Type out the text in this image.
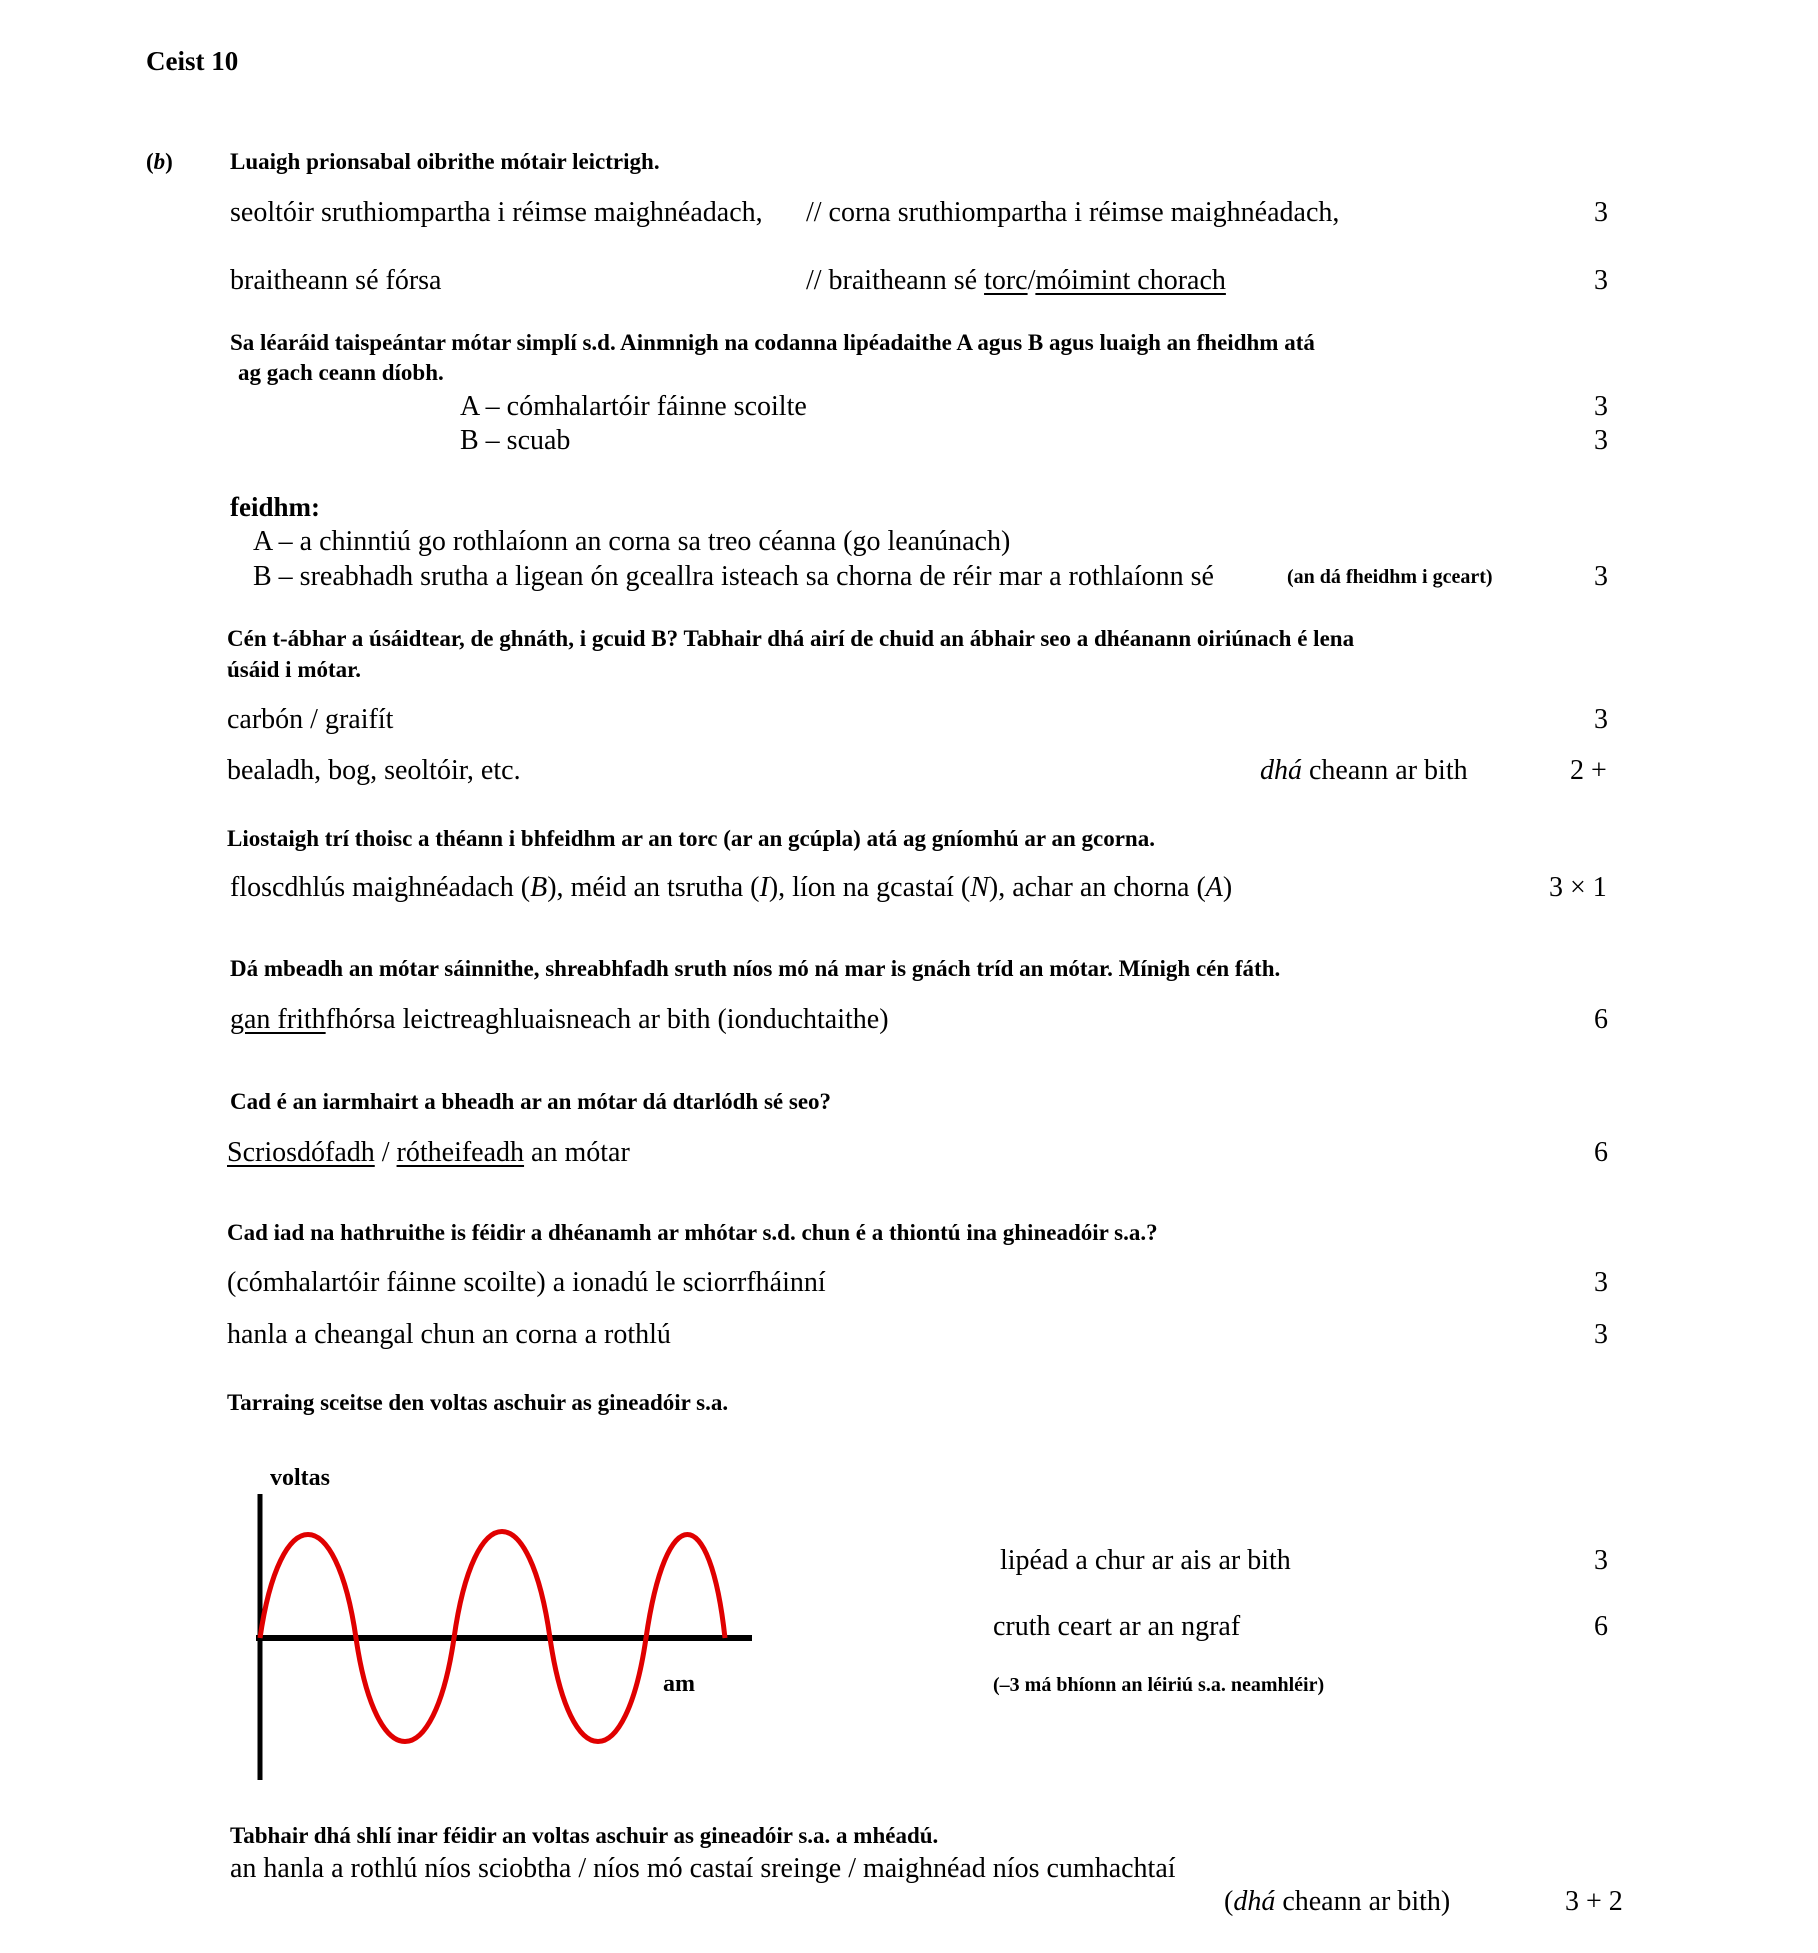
Ceist 10
(b) Luaigh prionsabal oibrithe mótair leictrigh.
seoltóir sruthiompartha i réimse maighnéadach, // corna sruthiompartha i réimse maighnéadach,	3
braitheann sé fórsa	// braitheann sé torc/móimint chorach	3
Sa léaráid taispeántar mótar simplí s.d. Ainmnigh na codanna lipéadaithe A agus B agus luaigh an fheidhm atá
ag gach ceann díobh.
A – cómhalartóir fáinne scoilte	3
B – scuab	3
feidhm:
A – a chinntiú go rothlaíonn an corna sa treo céanna (go leanúnach)
B – sreabhadh srutha a ligean ón gceallra isteach sa chorna de réir mar a rothlaíonn sé	(an dá fheidhm i gceart)	3
Cén t-ábhar a úsáidtear, de ghnáth, i gcuid B? Tabhair dhá airí de chuid an ábhair seo a dhéanann oiriúnach é lena
úsáid i mótar.
carbón / graifít	3
bealadh, bog, seoltóir, etc.	dhá cheann ar bith	2 +
Liostaigh trí thoisc a théann i bhfeidhm ar an torc (ar an gcúpla) atá ag gníomhú ar an gcorna.
floscdhlús maighnéadach (B), méid an tsrutha (I), líon na gcastaí (N), achar an chorna (A)	3 × 1
Dá mbeadh an mótar sáinnithe, shreabhfadh sruth níos mó ná mar is gnách tríd an mótar. Mínigh cén fáth.
gan frithfhórsa leictreaghluaisneach ar bith (ionduchtaithe)	6
Cad é an iarmhairt a bheadh ar an mótar dá dtarlódh sé seo?
Scriosdófadh / rótheifeadh an mótar	6
Cad iad na hathruithe is féidir a dhéanamh ar mhótar s.d. chun é a thiontú ina ghineadóir s.a.?
(cómhalartóir fáinne scoilte) a ionadú le sciorrfháinní	3
hanla a cheangal chun an corna a rothlú	3
Tarraing sceitse den voltas aschuir as gineadóir s.a.
voltas
am
lipéad a chur ar ais ar bith	3
cruth ceart ar an ngraf	6
(–3 má bhíonn an léiriú s.a. neamhléir)
Tabhair dhá shlí inar féidir an voltas aschuir as gineadóir s.a. a mhéadú.
an hanla a rothlú níos sciobtha / níos mó castaí sreinge / maighnéad níos cumhachtaí
(dhá cheann ar bith)	3 + 2
